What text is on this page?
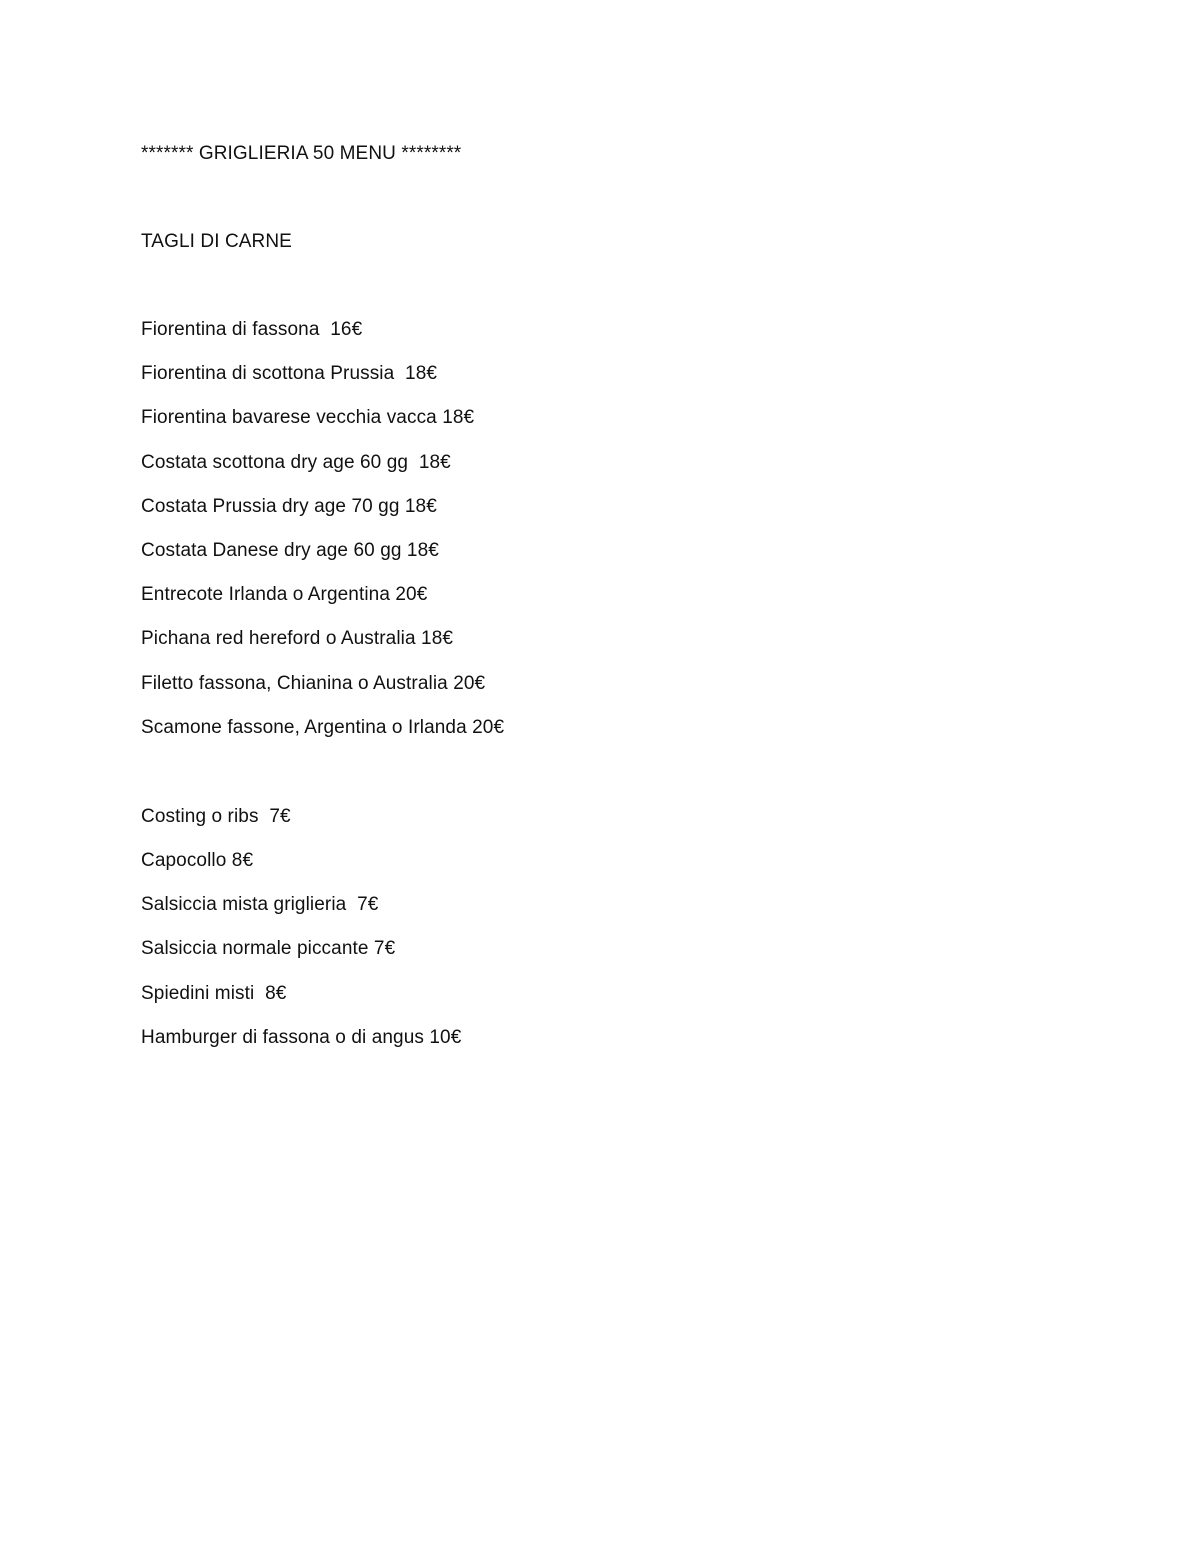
******* GRIGLIERIA 50 MENU ********
TAGLI DI CARNE
Fiorentina di fassona  16€
Fiorentina di scottona Prussia  18€
Fiorentina bavarese vecchia vacca 18€
Costata scottona dry age 60 gg  18€
Costata Prussia dry age 70 gg 18€
Costata Danese dry age 60 gg 18€
Entrecote Irlanda o Argentina 20€
Pichana red hereford o Australia 18€
Filetto fassona, Chianina o Australia 20€
Scamone fassone, Argentina o Irlanda 20€
Costing o ribs  7€
Capocollo 8€
Salsiccia mista griglieria  7€
Salsiccia normale piccante 7€
Spiedini misti  8€
Hamburger di fassona o di angus 10€
